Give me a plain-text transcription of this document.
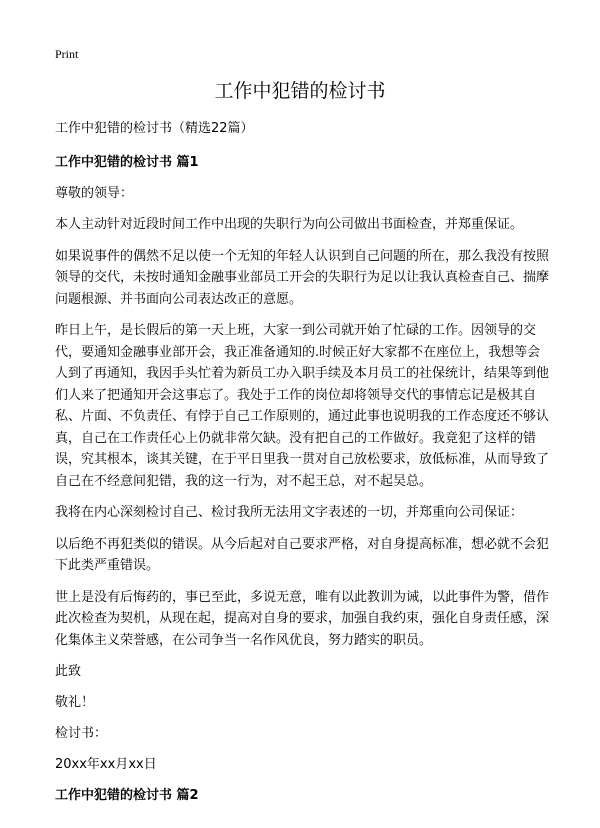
Print
工作中犯错的检讨书

工作中犯错的检讨书（精选22篇）

工作中犯错的检讨书 篇1

尊敬的领导：

本人主动针对近段时间工作中出现的失职行为向公司做出书面检查，并郑重保证。

如果说事件的偶然不足以使一个无知的年轻人认识到自己问题的所在，那么我没有按照领导的交代，未按时通知金融事业部员工开会的失职行为足以让我认真检查自己、揣摩问题根源、并书面向公司表达改正的意愿。

昨日上午，是长假后的第一天上班，大家一到公司就开始了忙碌的工作。因领导的交代，要通知金融事业部开会，我正准备通知的.时候正好大家都不在座位上，我想等会人到了再通知，我因手头忙着为新员工办入职手续及本月员工的社保统计，结果等到他们人来了把通知开会这事忘了。我处于工作的岗位却将领导交代的事情忘记是极其自私、片面、不负责任、有悖于自己工作原则的，通过此事也说明我的工作态度还不够认真，自己在工作责任心上仍就非常欠缺。没有把自己的工作做好。我竟犯了这样的错误，究其根本，谈其关键，在于平日里我一贯对自己放松要求，放低标准，从而导致了自己在不经意间犯错，我的这一行为，对不起王总，对不起吴总。

我将在内心深刻检讨自己、检讨我所无法用文字表述的一切，并郑重向公司保证：

以后绝不再犯类似的错误。从今后起对自己要求严格，对自身提高标准，想必就不会犯下此类严重错误。

世上是没有后悔药的，事已至此，多说无意，唯有以此教训为诫，以此事件为警，借作此次检查为契机，从现在起，提高对自身的要求，加强自我约束，强化自身责任感，深化集体主义荣誉感，在公司争当一名作风优良，努力踏实的职员。

此致

敬礼！

检讨书：

20xx年xx月xx日

工作中犯错的检讨书 篇2
